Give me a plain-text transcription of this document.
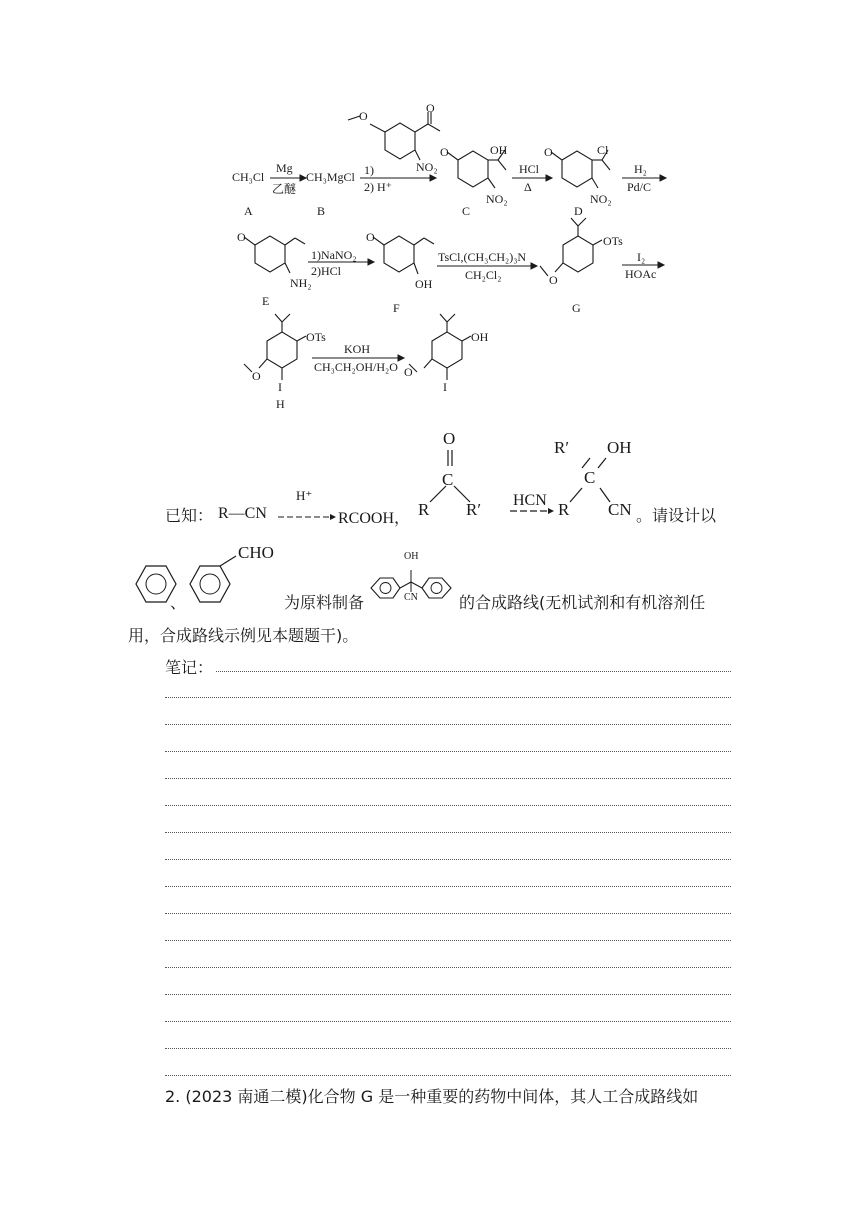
CH₃Cl
Mg
乙醚
CH₃MgCl 1)
2) H⁺
O
O
NO₂
A	B
O	OH
NO₂
C
HCl
Δ
O	Cl
NO₂
D
H₂
Pd/C
O
NH₂
E
1)NaNO₂
2)HCl
O
OH
F
TsCl,(CH₃CH₂)₃N
CH₂Cl₂
OTs
O
G
I₂
HOAc
OTs
O
I
H
KOH
CH₃CH₂OH/H₂O
OH
O
I
已知： R—CN
H⁺
RCOOH，
O
C
R R′ HCN
R′ OH
C
R CN 。请设计以
、
CHO
为原料制备
OH
CN	的合成路线(无机试剂和有机溶剂任
用，合成路线示例见本题题干)。
笔记：
2. (2023 南通二模)化合物 G 是一种重要的药物中间体，其人工合成路线如
